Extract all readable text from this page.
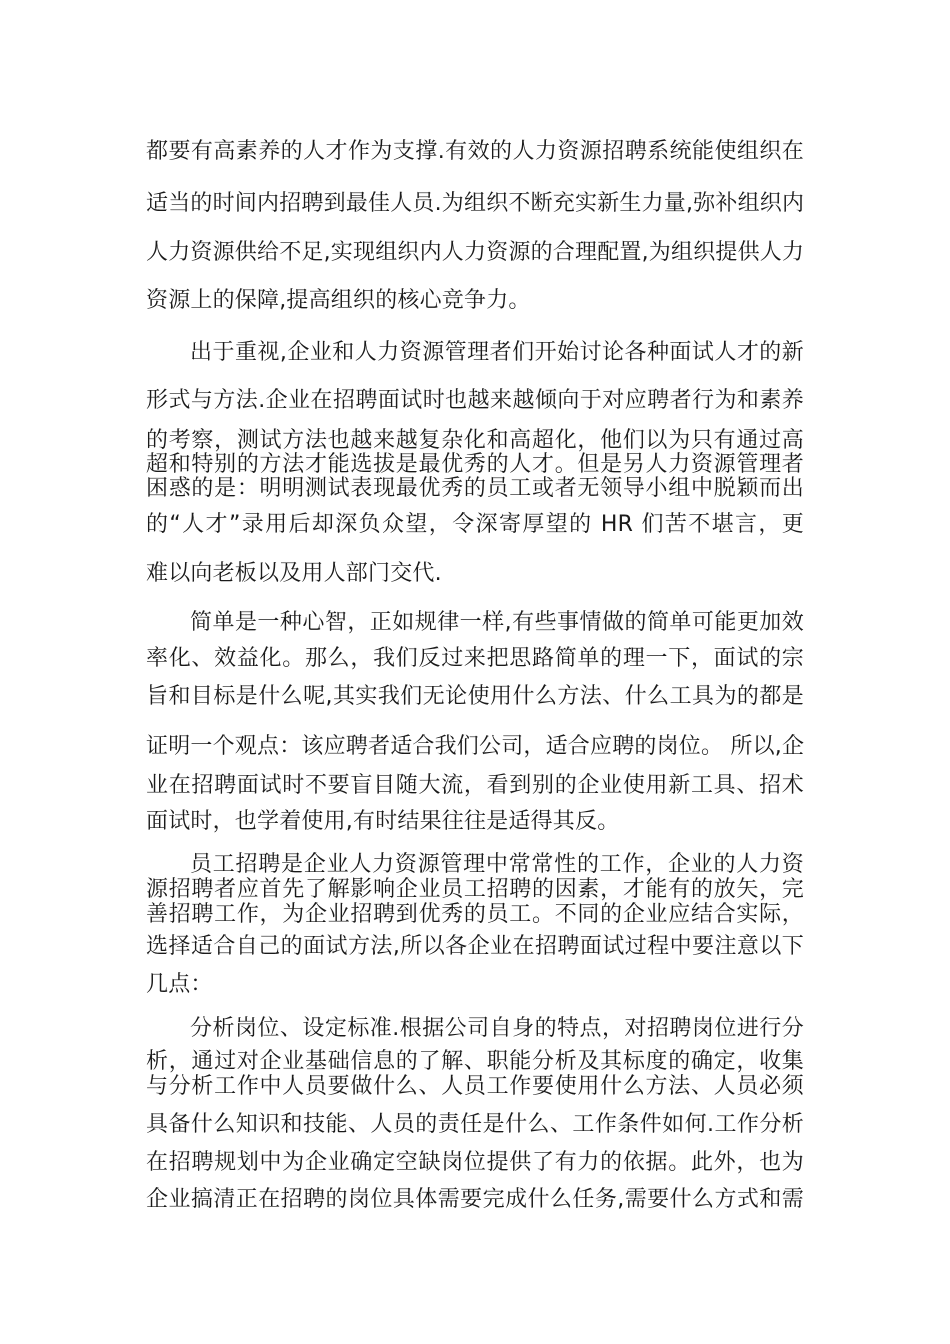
都要有高素养的人才作为支撑.有效的人力资源招聘系统能使组织在
适当的时间内招聘到最佳人员.为组织不断充实新生力量,弥补组织内
人力资源供给不足,实现组织内人力资源的合理配置,为组织提供人力
资源上的保障,提高组织的核心竞争力。
出于重视,企业和人力资源管理者们开始讨论各种面试人才的新
形式与方法.企业在招聘面试时也越来越倾向于对应聘者行为和素养
的考察，测试方法也越来越复杂化和高超化，他们以为只有通过高
超和特别的方法才能选拔是最优秀的人才。但是另人力资源管理者
困惑的是：明明测试表现最优秀的员工或者无领导小组中脱颖而出
的“人才”录用后却深负众望，令深寄厚望的 HR 们苦不堪言，更
难以向老板以及用人部门交代.
简单是一种心智，正如规律一样,有些事情做的简单可能更加效
率化、效益化。那么，我们反过来把思路简单的理一下，面试的宗
旨和目标是什么呢,其实我们无论使用什么方法、什么工具为的都是
证明一个观点：该应聘者适合我们公司，适合应聘的岗位。 所以,企
业在招聘面试时不要盲目随大流，看到别的企业使用新工具、招术
面试时，也学着使用,有时结果往往是适得其反。
员工招聘是企业人力资源管理中常常性的工作，企业的人力资
源招聘者应首先了解影响企业员工招聘的因素，才能有的放矢，完
善招聘工作，为企业招聘到优秀的员工。不同的企业应结合实际，
选择适合自己的面试方法,所以各企业在招聘面试过程中要注意以下
几点：
分析岗位、设定标准.根据公司自身的特点，对招聘岗位进行分
析，通过对企业基础信息的了解、职能分析及其标度的确定，收集
与分析工作中人员要做什么、人员工作要使用什么方法、人员必须
具备什么知识和技能、人员的责任是什么、工作条件如何.工作分析
在招聘规划中为企业确定空缺岗位提供了有力的依据。此外，也为
企业搞清正在招聘的岗位具体需要完成什么任务,需要什么方式和需
